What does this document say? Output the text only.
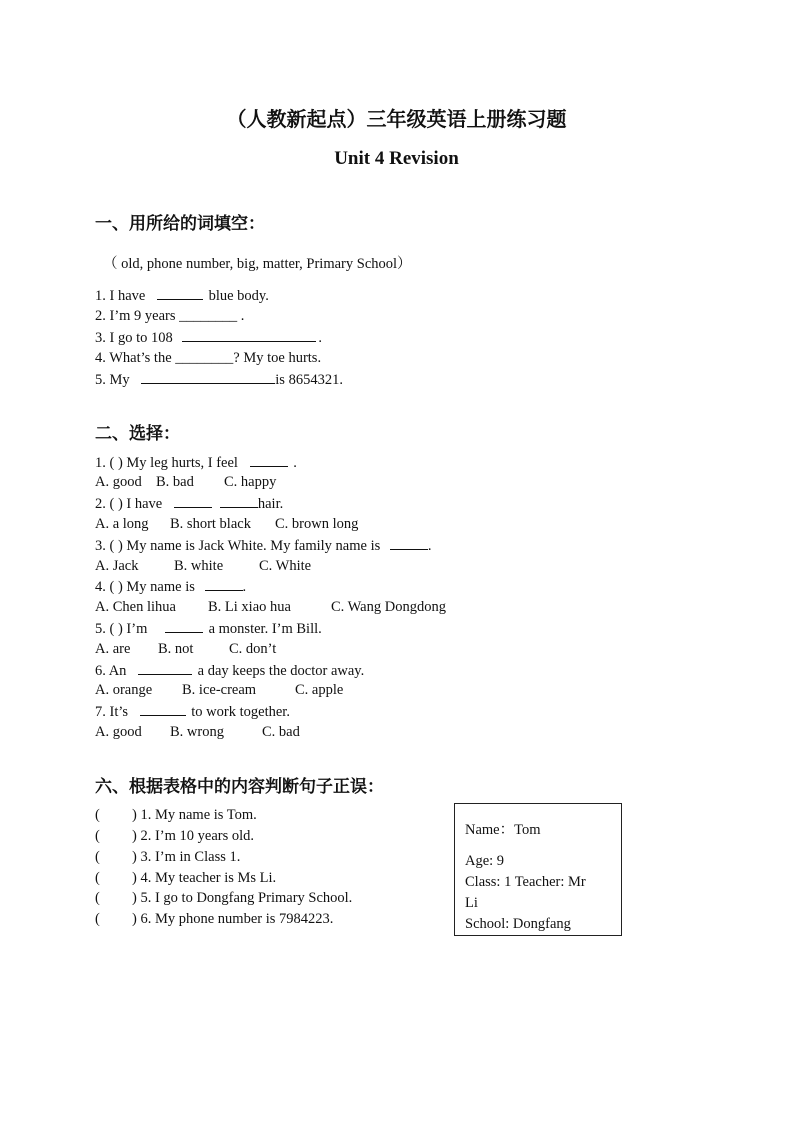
（人教新起点）三年级英语上册练习题
Unit 4 Revision
一、用所给的词填空：
（ old, phone number, big, matter, Primary School）
1. I have	blue body.
2. I’m 9 years ________ .
3. I go to 108	.
4. What’s the ________? My toe hurts.
5. My	is 8654321.
二、选择：
1. ( ) My leg hurts, I feel	.
A. good B. bad C. happy
2. ( ) I have	hair.
A. a long B. short black C. brown long
3. ( ) My name is Jack White. My family name is	.
A. Jack B. white C. White
4. ( ) My name is	.
A. Chen lihua B. Li xiao hua	C. Wang Dongdong
5. ( ) I’m	a monster. I’m Bill.
A. are B. not C. don’t
6. An	a day keeps the doctor away.
A. orange B. ice-cream	C. apple
7. It’s	to work together.
A. good B. wrong	C. bad
六、根据表格中的内容判断句子正误：
( ) 1. My name is Tom.
( ) 2. I’m 10 years old.
( ) 3. I’m in Class 1.
( ) 4. My teacher is Ms Li.
( ) 5. I go to Dongfang Primary School.
( ) 6. My phone number is 7984223.
Name：Tom
Age: 9
Class: 1 Teacher: Mr
Li
School: Dongfang
